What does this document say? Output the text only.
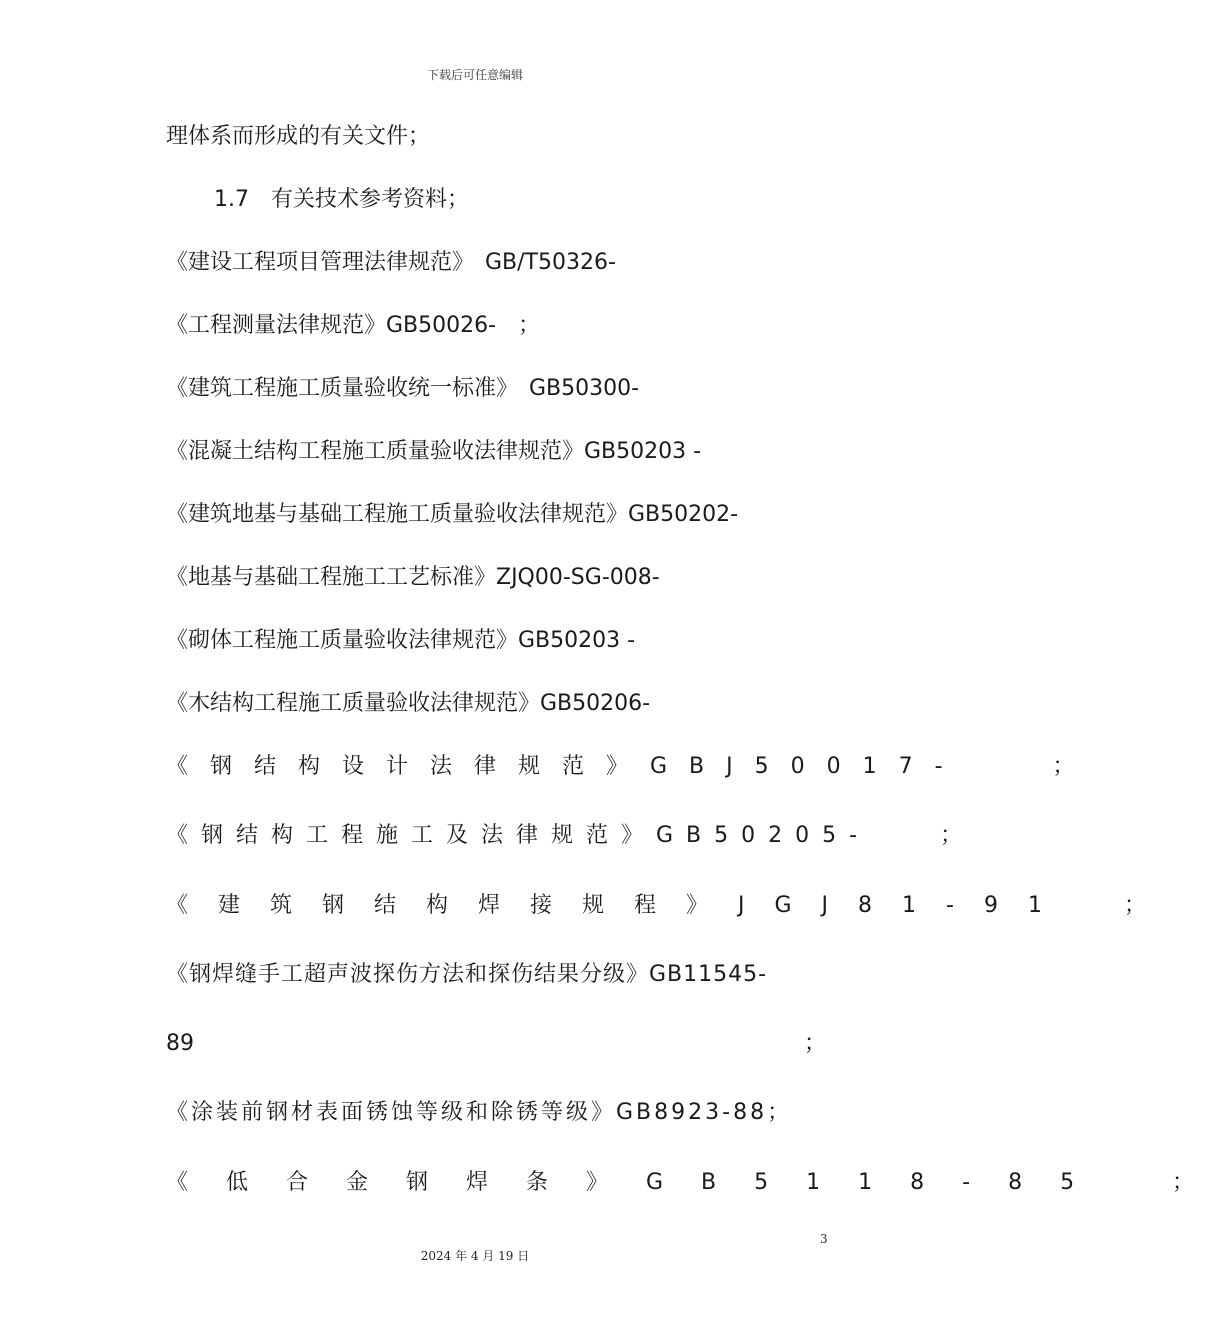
下载后可任意编辑
理体系而形成的有关文件；
1.7　有关技术参考资料；
《建设工程项目管理法律规范》　GB/T50326-
《工程测量法律规范》GB50026-　；
《建筑工程施工质量验收统一标准》　GB50300-
《混凝土结构工程施工质量验收法律规范》GB50203 -
《建筑地基与基础工程施工质量验收法律规范》GB50202-
《地基与基础工程施工工艺标准》ZJQ00-SG-008-
《砌体工程施工质量验收法律规范》GB50203 -
《木结构工程施工质量验收法律规范》GB50206-
《钢结构设计法律规范》GBJ50017-　　；
《钢结构工程施工及法律规范》GB50205-　　；
《建筑钢结构焊接规程》JGJ81-91　；
《钢焊缝手工超声波探伤方法和探伤结果分级》GB11545-
89	；
《涂装前钢材表面锈蚀等级和除锈等级》GB8923-88；
《低合金钢焊条》GB5118-85　；
3
2024 年 4 月 19 日
